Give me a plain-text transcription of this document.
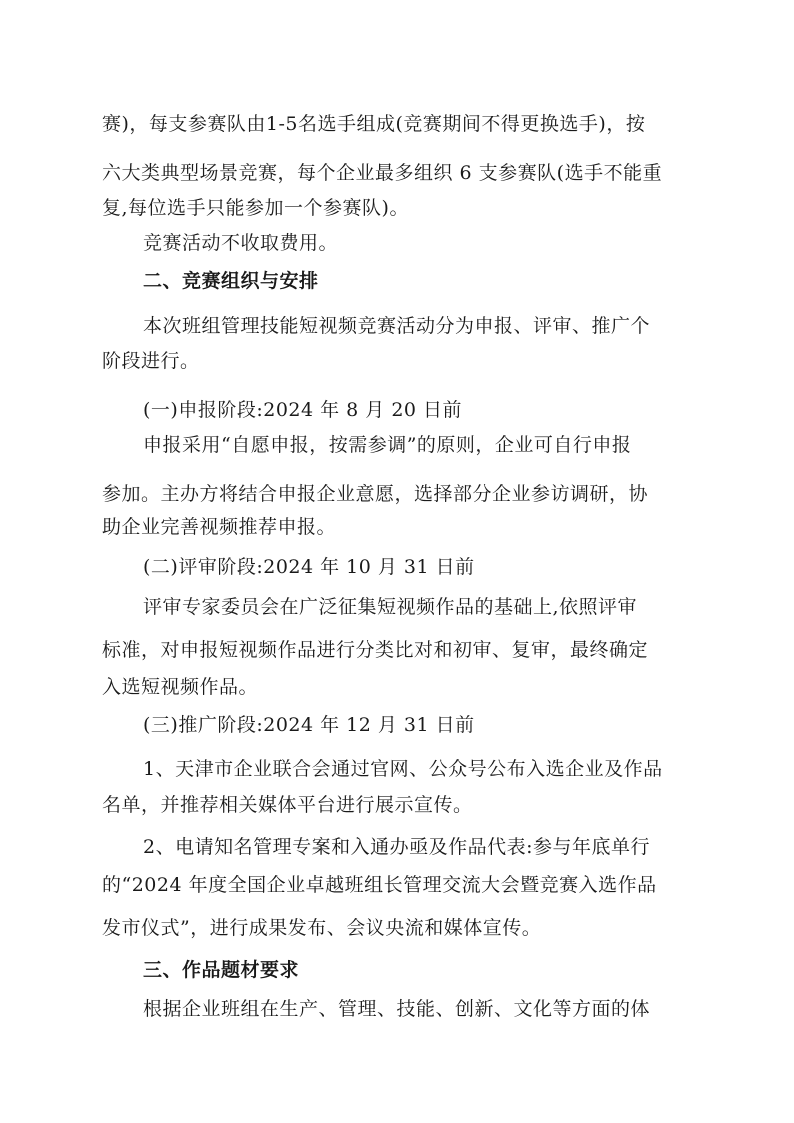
赛)，每支参赛队由1-5名选手组成(竞赛期间不得更换选手)，按
六大类典型场景竞赛，每个企业最多组织 6 支参赛队(选手不能重
复,每位选手只能参加一个参赛队)。
竞赛活动不收取费用。
二、竞赛组织与安排
本次班组管理技能短视频竞赛活动分为申报、评审、推广个
阶段进行。
(一)申报阶段:2024 年 8 月 20 日前
申报采用“自愿申报，按需参调”的原则，企业可自行申报
参加。主办方将结合申报企业意愿，选择部分企业参访调研，协
助企业完善视频推荐申报。
(二)评审阶段:2024 年 10 月 31 日前
评审专家委员会在广泛征集短视频作品的基础上,依照评审
标准，对申报短视频作品进行分类比对和初审、复审，最终确定
入选短视频作品。
(三)推广阶段:2024 年 12 月 31 日前
1、天津市企业联合会通过官网、公众号公布入选企业及作品
名单，并推荐相关媒体平台进行展示宣传。
2、电请知名管理专案和入通办亟及作品代表:参与年底单行
的“2024 年度全国企业卓越班组长管理交流大会暨竞赛入选作品
发市仪式”，进行成果发布、会议央流和媒体宣传。
三、作品题材要求
根据企业班组在生产、管理、技能、创新、文化等方面的体
